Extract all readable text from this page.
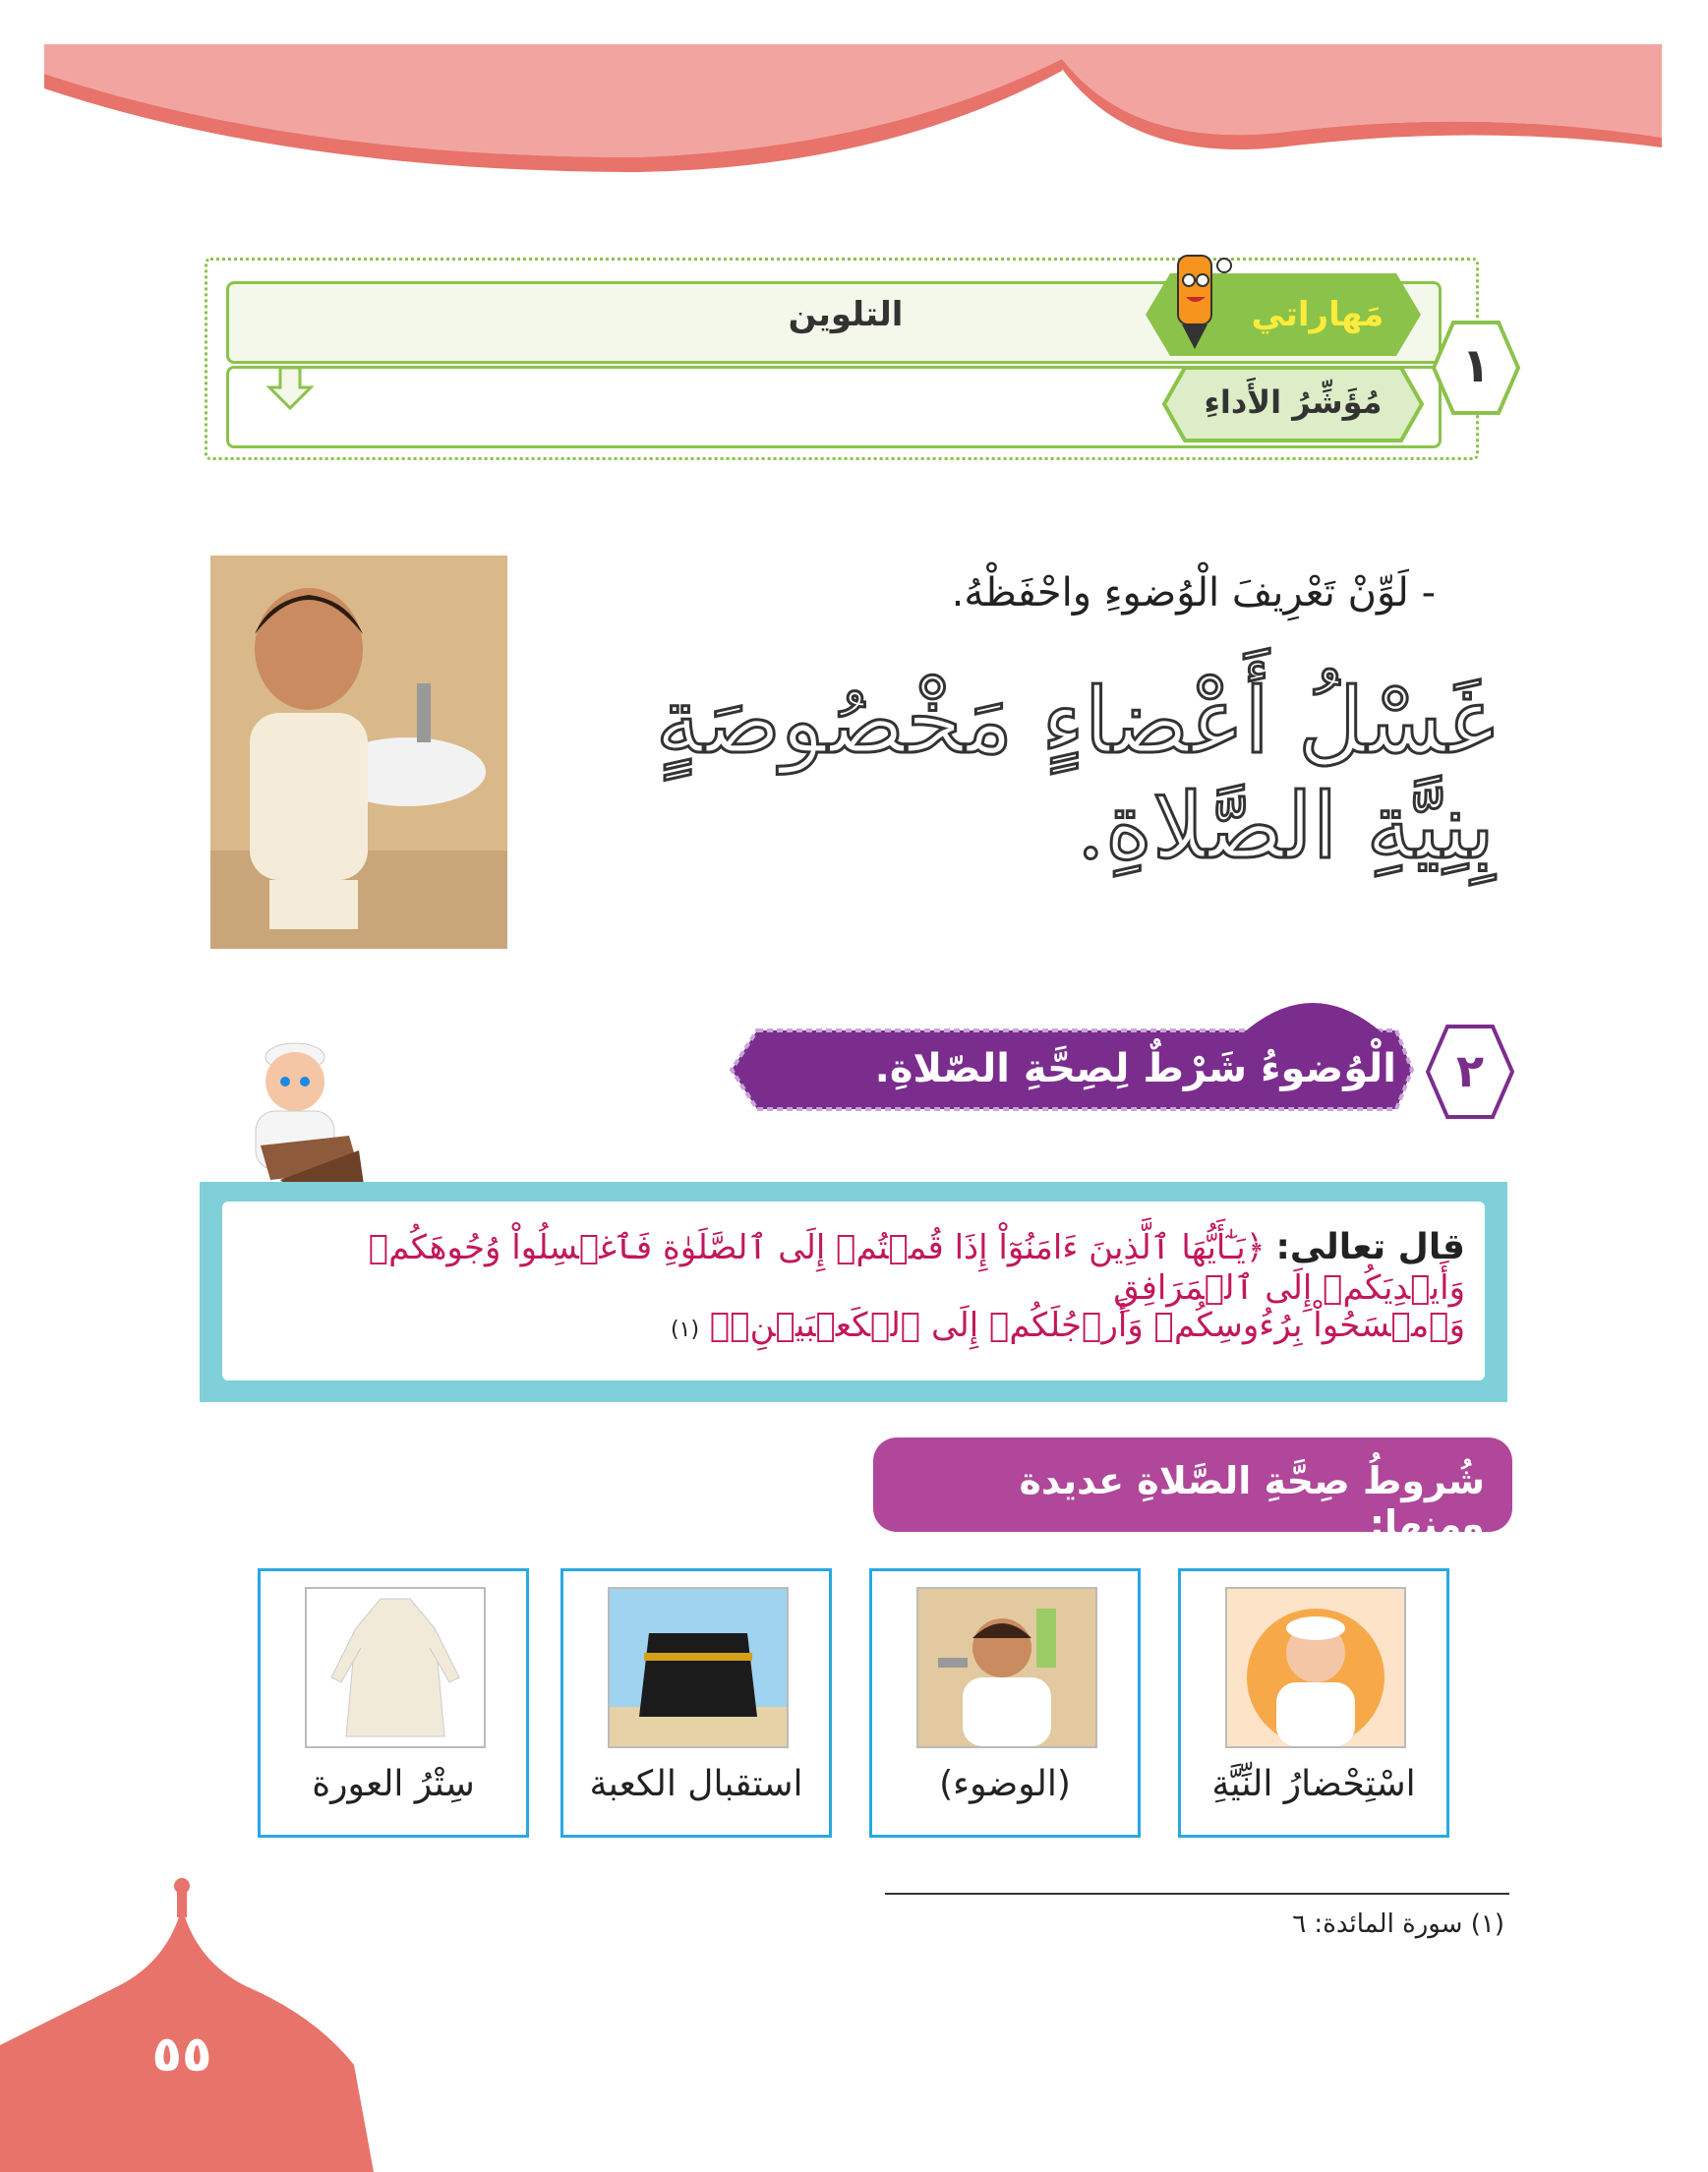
التلوين	مَهاراتي
مُؤَشِّرُ الأَداءِ
١
- لَوِّنْ تَعْرِيفَ الْوُضوءِ واحْفَظْهُ.
غَسْلُ أَعْضاءٍ مَخْصُوصَةٍ بِنِيَّةِ الصَّلاةِ.
الْوُضوءُ شَرْطٌ لِصِحَّةِ الصّلاةِ.	٢
قال تعالى: ﴿يَـٰٓأَيُّهَا ٱلَّذِينَ ءَامَنُوٓاْ إِذَا قُمۡتُمۡ إِلَى ٱلصَّلَوٰةِ فَٱغۡسِلُواْ وُجُوهَكُمۡ وَأَيۡدِيَكُمۡ إِلَى ٱلۡمَرَافِقِ
وَٱمۡسَحُواْ بِرُءُوسِكُمۡ وَأَرۡجُلَكُمۡ إِلَى ٱلۡكَعۡبَيۡنِۚ﴾ (١)
شُروطُ صِحَّةِ الصَّلاةِ عديدة ومنها:
اسْتِحْضارُ النِّيَّةِ
(الوضوء)
استقبال الكعبة
سِتْرُ العورة
(١) سورة المائدة: ٦
٥٥
